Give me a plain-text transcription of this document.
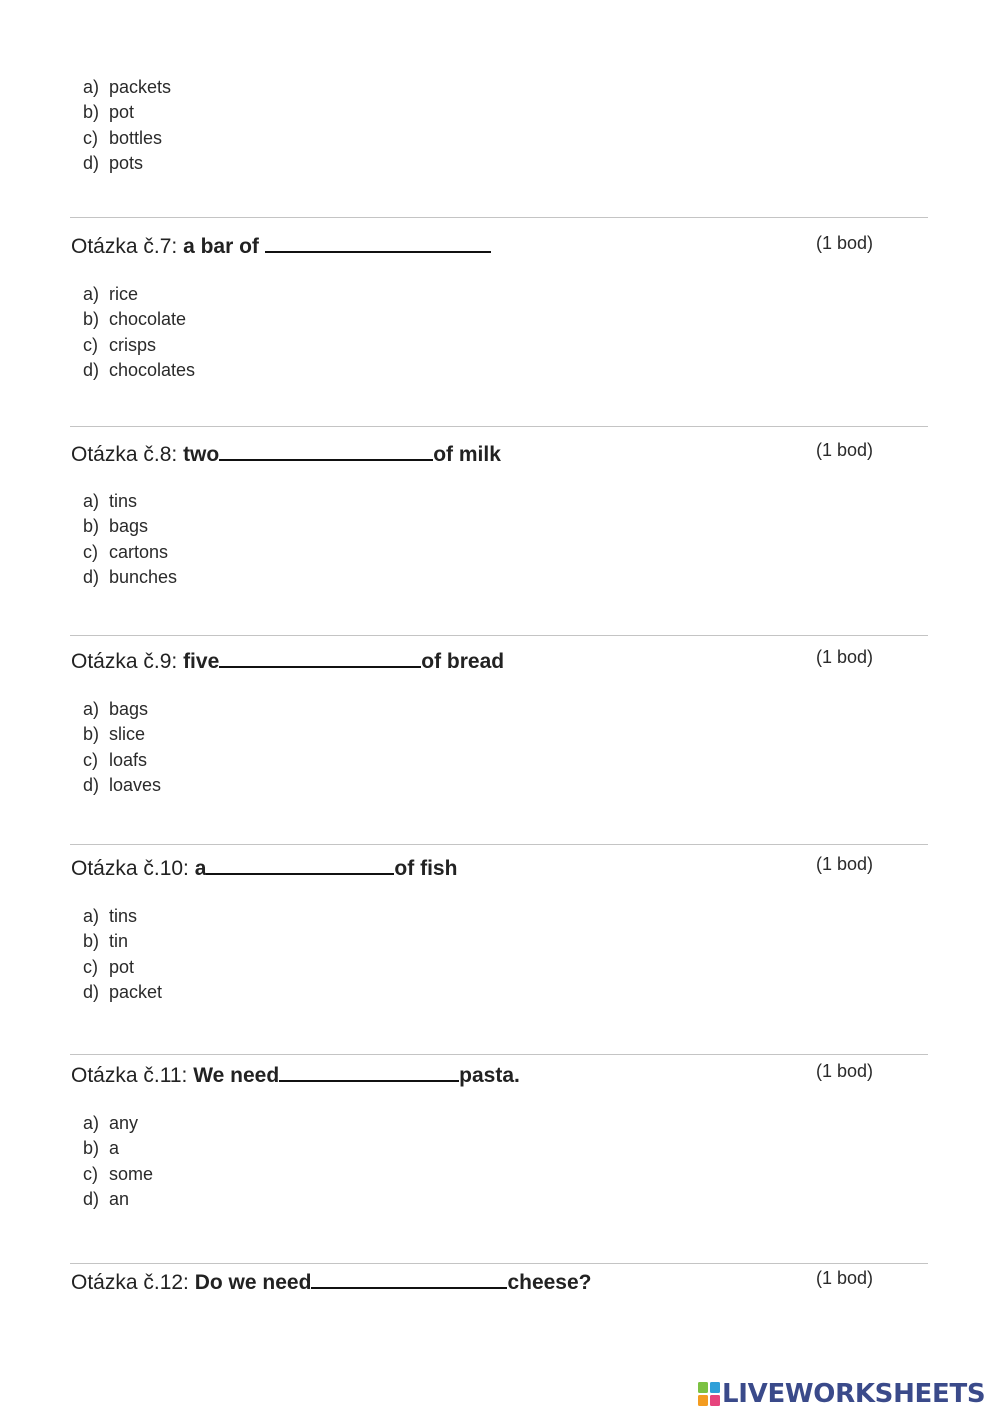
a) packets
b) pot
c) bottles
d) pots
Otázka č.7: a bar of	(1 bod)
a) rice
b) chocolate
c) crisps
d) chocolates
Otázka č.8: two	of milk	(1 bod)
a) tins
b) bags
c) cartons
d) bunches
Otázka č.9: five	of bread	(1 bod)
a) bags
b) slice
c) loafs
d) loaves
Otázka č.10: a	of fish	(1 bod)
a) tins
b) tin
c) pot
d) packet
Otázka č.11: We need	pasta.	(1 bod)
a) any
b) a
c) some
d) an
Otázka č.12: Do we need	cheese?	(1 bod)
LIVEWORKSHEETS
